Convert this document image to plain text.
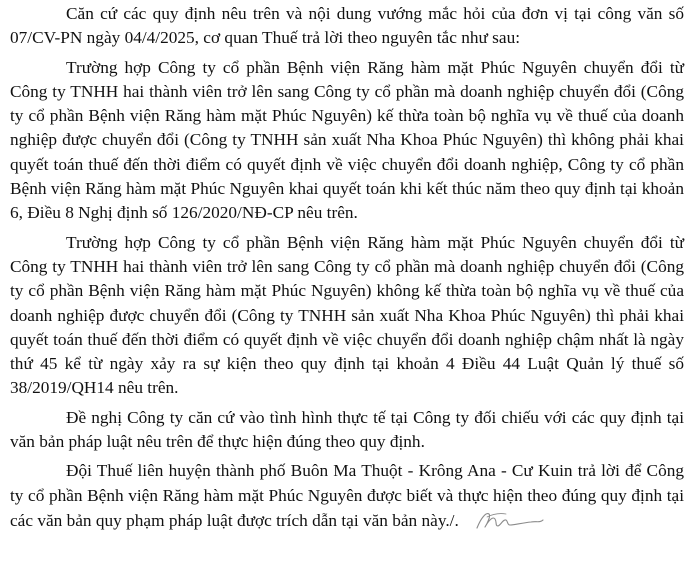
Căn cứ các quy định nêu trên và nội dung vướng mắc hỏi của đơn vị tại công văn số 07/CV-PN ngày 04/4/2025, cơ quan Thuế trả lời theo nguyên tắc như sau:

Trường hợp Công ty cổ phần Bệnh viện Răng hàm mặt Phúc Nguyên chuyển đổi từ Công ty TNHH hai thành viên trở lên sang Công ty cổ phần mà doanh nghiệp chuyển đổi (Công ty cổ phần Bệnh viện Răng hàm mặt Phúc Nguyên) kế thừa toàn bộ nghĩa vụ về thuế của doanh nghiệp được chuyển đổi (Công ty TNHH sản xuất Nha Khoa Phúc Nguyên) thì không phải khai quyết toán thuế đến thời điểm có quyết định về việc chuyển đổi doanh nghiệp, Công ty cổ phần Bệnh viện Răng hàm mặt Phúc Nguyên khai quyết toán khi kết thúc năm theo quy định tại khoản 6, Điều 8 Nghị định số 126/2020/NĐ-CP nêu trên.

Trường hợp Công ty cổ phần Bệnh viện Răng hàm mặt Phúc Nguyên chuyển đổi từ Công ty TNHH hai thành viên trở lên sang Công ty cổ phần mà doanh nghiệp chuyển đổi (Công ty cổ phần Bệnh viện Răng hàm mặt Phúc Nguyên) không kế thừa toàn bộ nghĩa vụ về thuế của doanh nghiệp được chuyển đổi (Công ty TNHH sản xuất Nha Khoa Phúc Nguyên) thì phải khai quyết toán thuế đến thời điểm có quyết định về việc chuyển đổi doanh nghiệp chậm nhất là ngày thứ 45 kể từ ngày xảy ra sự kiện theo quy định tại khoản 4 Điều 44 Luật Quản lý thuế số 38/2019/QH14 nêu trên.

Đề nghị Công ty căn cứ vào tình hình thực tế tại Công ty đối chiếu với các quy định tại văn bản pháp luật nêu trên để thực hiện đúng theo quy định.

Đội Thuế liên huyện thành phố Buôn Ma Thuột - Krông Ana - Cư Kuin trả lời để Công ty cổ phần Bệnh viện Răng hàm mặt Phúc Nguyên được biết và thực hiện theo đúng quy định tại các văn bản quy phạm pháp luật được trích dẫn tại văn bản này./.
